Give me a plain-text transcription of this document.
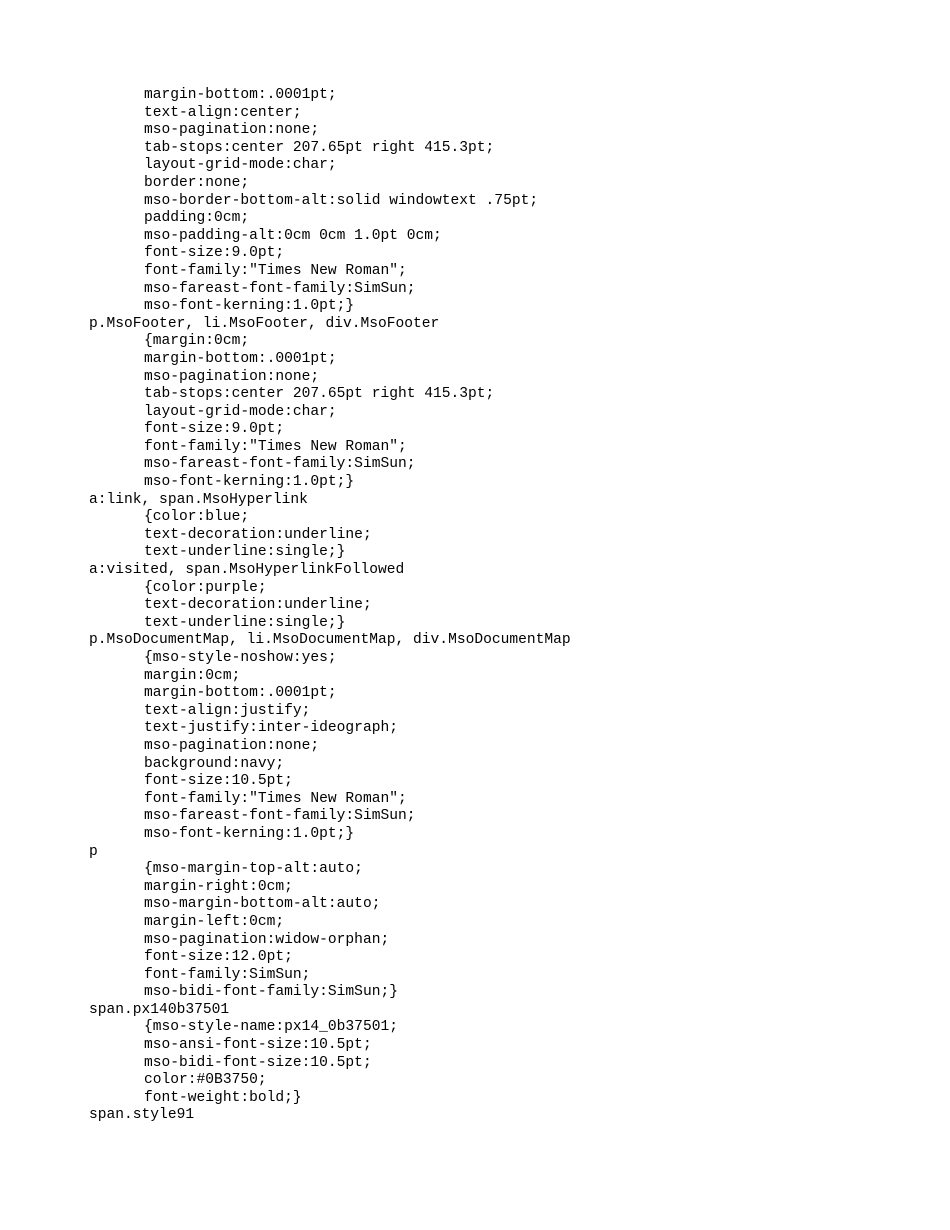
margin-bottom:.0001pt;
text-align:center;
mso-pagination:none;
tab-stops:center 207.65pt right 415.3pt;
layout-grid-mode:char;
border:none;
mso-border-bottom-alt:solid windowtext .75pt;
padding:0cm;
mso-padding-alt:0cm 0cm 1.0pt 0cm;
font-size:9.0pt;
font-family:"Times New Roman";
mso-fareast-font-family:SimSun;
mso-font-kerning:1.0pt;}
p.MsoFooter, li.MsoFooter, div.MsoFooter
{margin:0cm;
margin-bottom:.0001pt;
mso-pagination:none;
tab-stops:center 207.65pt right 415.3pt;
layout-grid-mode:char;
font-size:9.0pt;
font-family:"Times New Roman";
mso-fareast-font-family:SimSun;
mso-font-kerning:1.0pt;}
a:link, span.MsoHyperlink
{color:blue;
text-decoration:underline;
text-underline:single;}
a:visited, span.MsoHyperlinkFollowed
{color:purple;
text-decoration:underline;
text-underline:single;}
p.MsoDocumentMap, li.MsoDocumentMap, div.MsoDocumentMap
{mso-style-noshow:yes;
margin:0cm;
margin-bottom:.0001pt;
text-align:justify;
text-justify:inter-ideograph;
mso-pagination:none;
background:navy;
font-size:10.5pt;
font-family:"Times New Roman";
mso-fareast-font-family:SimSun;
mso-font-kerning:1.0pt;}
p
{mso-margin-top-alt:auto;
margin-right:0cm;
mso-margin-bottom-alt:auto;
margin-left:0cm;
mso-pagination:widow-orphan;
font-size:12.0pt;
font-family:SimSun;
mso-bidi-font-family:SimSun;}
span.px140b37501
{mso-style-name:px14_0b37501;
mso-ansi-font-size:10.5pt;
mso-bidi-font-size:10.5pt;
color:#0B3750;
font-weight:bold;}
span.style91
